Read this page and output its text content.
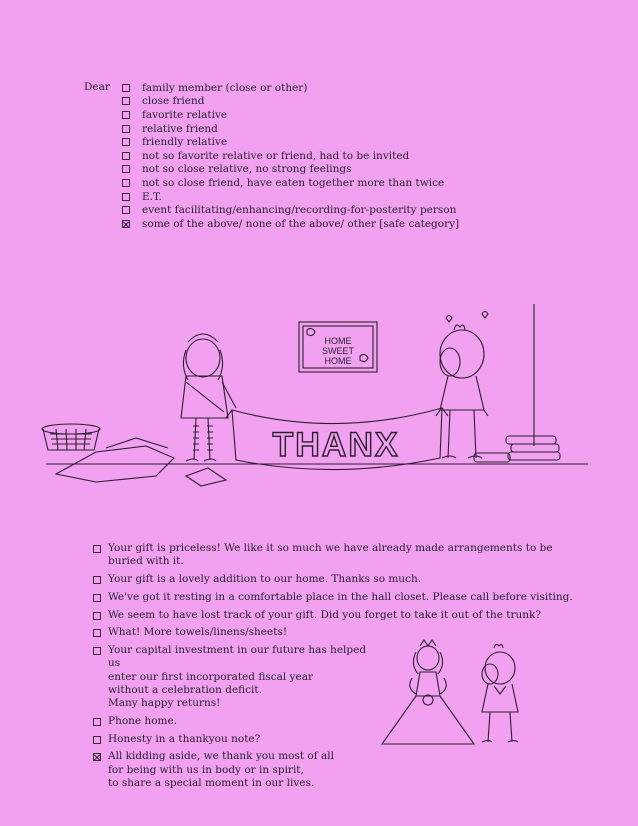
Dear	family member (close or other)
close friend
favorite relative
relative friend
friendly relative
not so favorite relative or friend, had to be invited
not so close relative, no strong feelings
not so close friend, have eaten together more than twice
E.T.
event facilitating/enhancing/recording-for-posterity person
some of the above/ none of the above/ other [safe category]
HOME
SWEET
HOME
THANX
Your gift is priceless! We like it so much we have already made arrangements to be buried with it.
Your gift is a lovely addition to our home. Thanks so much.
We've got it resting in a comfortable place in the hall closet. Please call before visiting.
We seem to have lost track of your gift. Did you forget to take it out of the trunk?
What! More towels/linens/sheets!
Your capital investment in our future has helped us
enter our first incorporated fiscal year
without a celebration deficit.
Many happy returns!
Phone home.
Honesty in a thankyou note?
All kidding aside, we thank you most of all
for being with us in body or in spirit,
to share a special moment in our lives.
